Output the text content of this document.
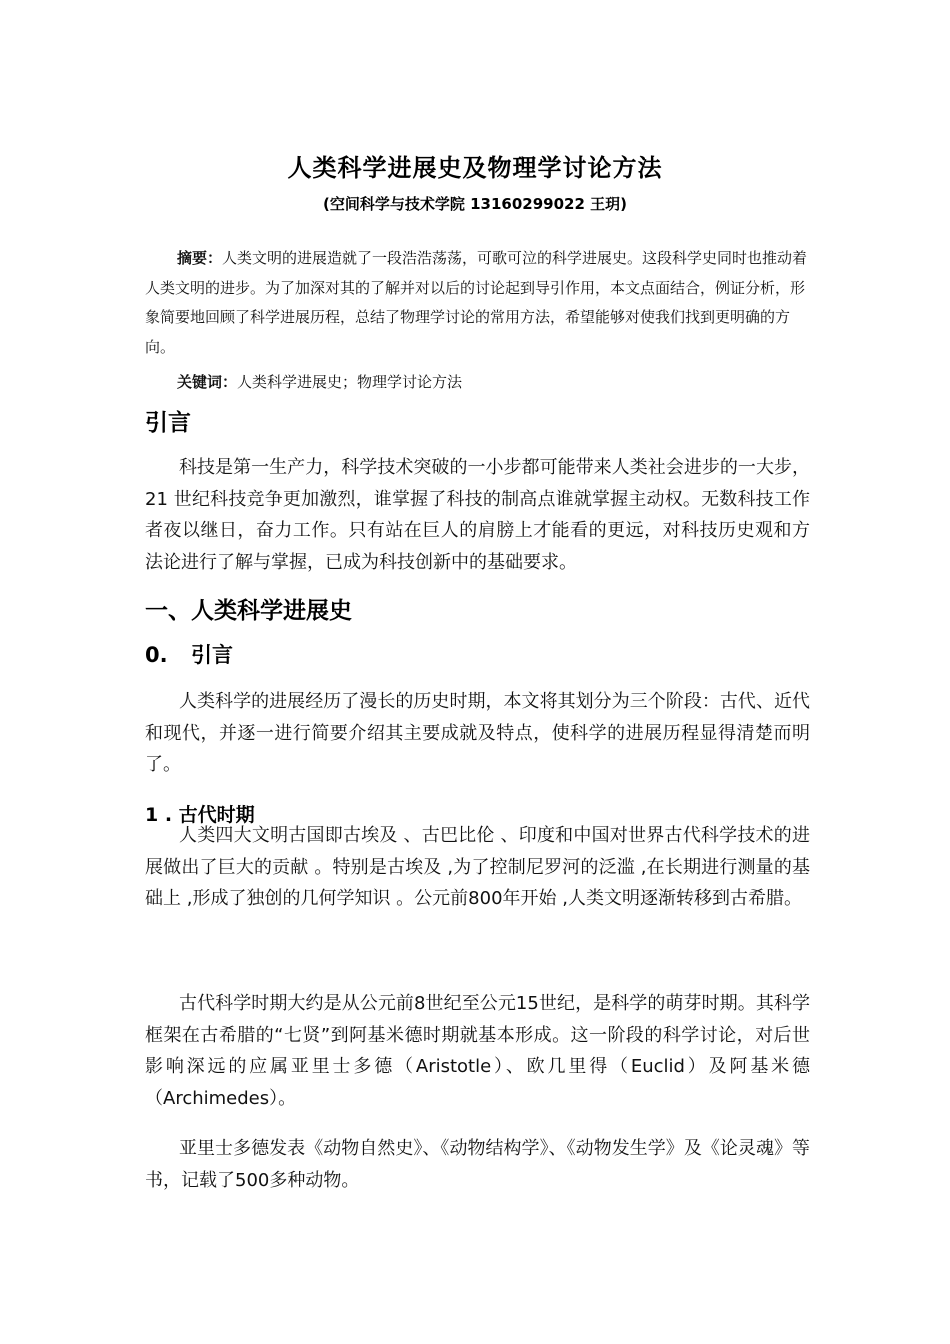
人类科学进展史及物理学讨论方法
(空间科学与技术学院 13160299022 王玥)

摘要：人类文明的进展造就了一段浩浩荡荡，可歌可泣的科学进展史。这段科学史同时也推动着人类文明的进步。为了加深对其的了解并对以后的讨论起到导引作用，本文点面结合，例证分析，形象简要地回顾了科学进展历程，总结了物理学讨论的常用方法，希望能够对使我们找到更明确的方向。

关键词：人类科学进展史；物理学讨论方法

引言

科技是第一生产力，科学技术突破的一小步都可能带来人类社会进步的一大步，21 世纪科技竞争更加激烈，谁掌握了科技的制高点谁就掌握主动权。无数科技工作者夜以继日，奋力工作。只有站在巨人的肩膀上才能看的更远，对科技历史观和方法论进行了解与掌握，已成为科技创新中的基础要求。

一、人类科学进展史
0. 引言

人类科学的进展经历了漫长的历史时期，本文将其划分为三个阶段：古代、近代和现代，并逐一进行简要介绍其主要成就及特点，使科学的进展历程显得清楚而明了。

1 . 古代时期

人类四大文明古国即古埃及 、古巴比伦 、印度和中国对世界古代科学技术的进展做出了巨大的贡献 。特别是古埃及 ,为了控制尼罗河的泛滥 ,在长期进行测量的基础上 ,形成了独创的几何学知识 。公元前800年开始 ,人类文明逐渐转移到古希腊。

古代科学时期大约是从公元前8世纪至公元15世纪，是科学的萌芽时期。其科学框架在古希腊的“七贤”到阿基米德时期就基本形成。这一阶段的科学讨论，对后世影响深远的应属亚里士多德（Aristotle）、欧几里得（Euclid）及阿基米德（Archimedes）。

亚里士多德发表《动物自然史》、《动物结构学》、《动物发生学》及《论灵魂》等书，记载了500多种动物。
